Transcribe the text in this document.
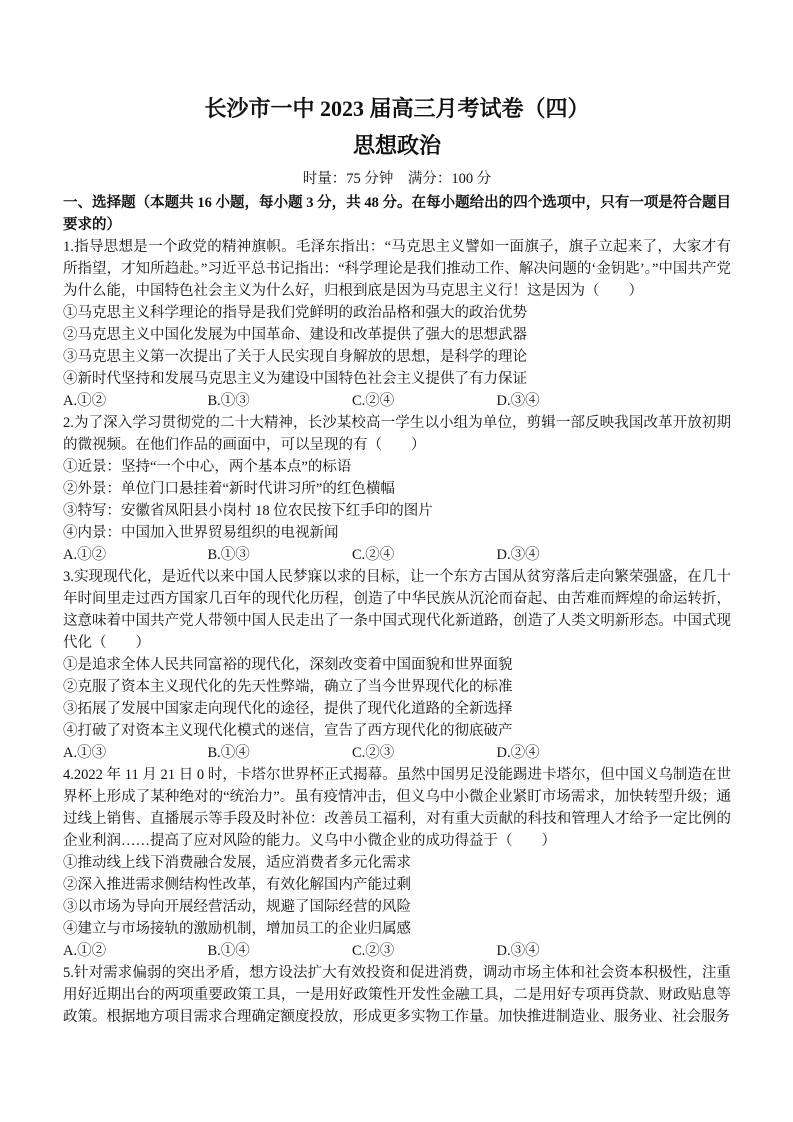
长沙市一中 2023 届高三月考试卷（四）
思想政治

时量：75 分钟　满分：100 分

一、选择题（本题共 16 小题，每小题 3 分，共 48 分。在每小题给出的四个选项中，只有一项是符合题目要求的）

1.指导思想是一个政党的精神旗帜。毛泽东指出：“马克思主义譬如一面旗子，旗子立起来了，大家才有所指望，才知所趋赴。”习近平总书记指出：“科学理论是我们推动工作、解决问题的‘金钥匙’。”中国共产党为什么能，中国特色社会主义为什么好，归根到底是因为马克思主义行！这是因为（　　）

①马克思主义科学理论的指导是我们党鲜明的政治品格和强大的政治优势

②马克思主义中国化发展为中国革命、建设和改革提供了强大的思想武器

③马克思主义第一次提出了关于人民实现自身解放的思想，是科学的理论

④新时代坚持和发展马克思主义为建设中国特色社会主义提供了有力保证

A.①②	B.①③	C.②④	D.③④

2.为了深入学习贯彻党的二十大精神，长沙某校高一学生以小组为单位，剪辑一部反映我国改革开放初期的微视频。在他们作品的画面中，可以呈现的有（　　）

①近景：坚持“一个中心，两个基本点”的标语

②外景：单位门口悬挂着“新时代讲习所”的红色横幅

③特写：安徽省凤阳县小岗村 18 位农民按下红手印的图片

④内景：中国加入世界贸易组织的电视新闻

A.①②	B.①③	C.②④	D.③④

3.实现现代化，是近代以来中国人民梦寐以求的目标，让一个东方古国从贫穷落后走向繁荣强盛，在几十年时间里走过西方国家几百年的现代化历程，创造了中华民族从沉沦而奋起、由苦难而辉煌的命运转折，这意味着中国共产党人带领中国人民走出了一条中国式现代化新道路，创造了人类文明新形态。中国式现代化（　　）

①是追求全体人民共同富裕的现代化，深刻改变着中国面貌和世界面貌

②克服了资本主义现代化的先天性弊端，确立了当今世界现代化的标准

③拓展了发展中国家走向现代化的途径，提供了现代化道路的全新选择

④打破了对资本主义现代化模式的迷信，宣告了西方现代化的彻底破产

A.①③	B.①④	C.②③	D.②④

4.2022 年 11 月 21 日 0 时，卡塔尔世界杯正式揭幕。虽然中国男足没能踢进卡塔尔，但中国义乌制造在世界杯上形成了某种绝对的“统治力”。虽有疫情冲击，但义乌中小微企业紧盯市场需求，加快转型升级；通过线上销售、直播展示等手段及时补位：改善员工福利，对有重大贡献的科技和管理人才给予一定比例的企业利润……提高了应对风险的能力。义乌中小微企业的成功得益于（　　）

①推动线上线下消费融合发展，适应消费者多元化需求

②深入推进需求侧结构性改革，有效化解国内产能过剩

③以市场为导向开展经营活动，规避了国际经营的风险

④建立与市场接轨的激励机制，增加员工的企业归属感

A.①②	B.①④	C.②③	D.③④

5.针对需求偏弱的突出矛盾，想方设法扩大有效投资和促进消费，调动市场主体和社会资本积极性，注重用好近期出台的两项重要政策工具，一是用好政策性开发性金融工具，二是用好专项再贷款、财政贴息等政策。根据地方项目需求合理确定额度投放，形成更多实物工作量。加快推进制造业、服务业、社会服务
